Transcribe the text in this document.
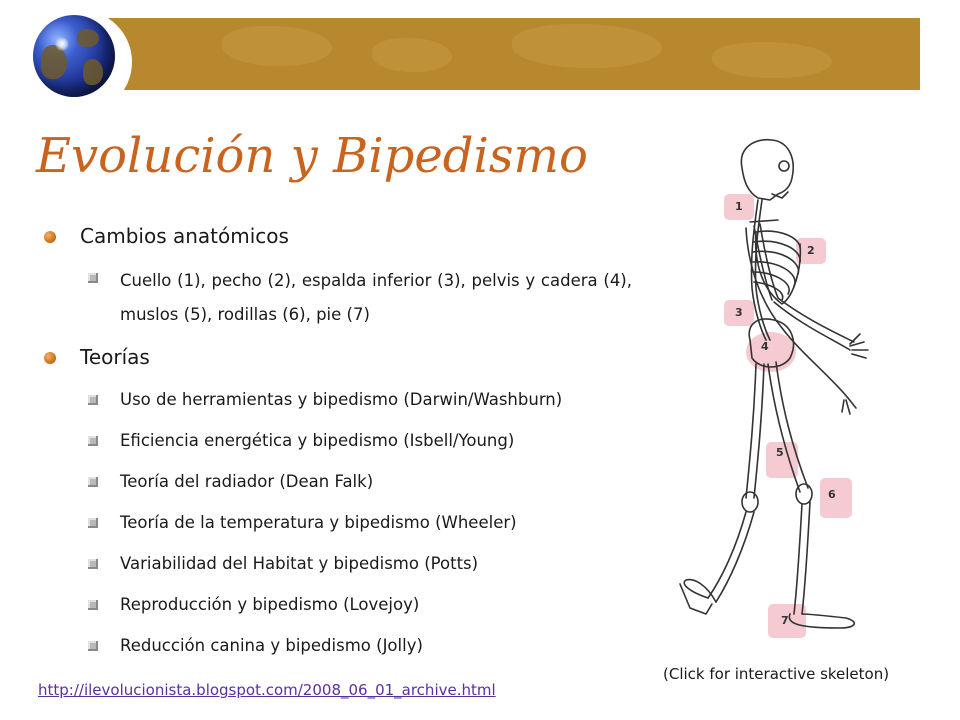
Evolución y Bipedismo
Cambios anatómicos
Cuello (1), pecho (2), espalda inferior (3), pelvis y cadera (4), muslos (5), rodillas (6), pie (7)
Teorías
Uso de herramientas y bipedismo (Darwin/Washburn)
Eficiencia energética y bipedismo (Isbell/Young)
Teoría del radiador (Dean Falk)
Teoría de la temperatura y bipedismo (Wheeler)
Variabilidad del Habitat y bipedismo (Potts)
Reproducción y bipedismo (Lovejoy)
Reducción canina y bipedismo (Jolly)
1
2
3
4
5
6
7
(Click for interactive skeleton)
http://ilevolucionista.blogspot.com/2008_06_01_archive.html
